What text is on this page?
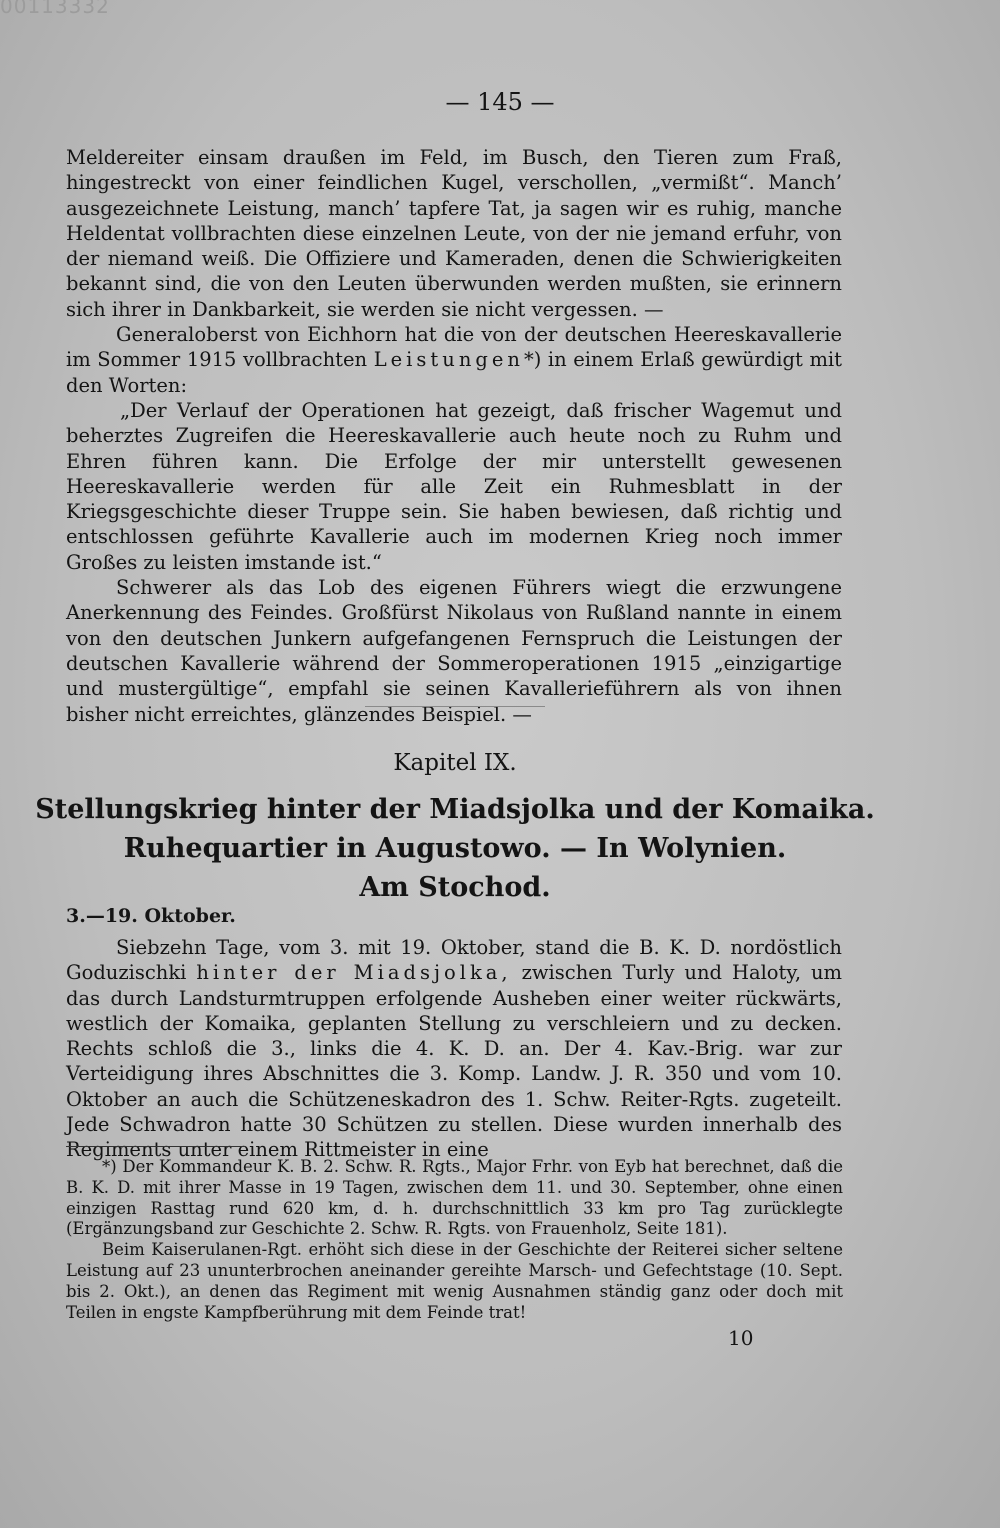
00113332
— 145 —

Meldereiter einsam draußen im Feld, im Busch, den Tieren zum Fraß, hingestreckt von einer feindlichen Kugel, verschollen, „vermißt“. Manch’ ausgezeichnete Leistung, manch’ tapfere Tat, ja sagen wir es ruhig, manche Heldentat vollbrachten diese einzelnen Leute, von der nie jemand erfuhr, von der niemand weiß. Die Offiziere und Kameraden, denen die Schwierigkeiten bekannt sind, die von den Leuten überwunden werden mußten, sie erinnern sich ihrer in Dankbarkeit, sie werden sie nicht vergessen. —

Generaloberst von Eichhorn hat die von der deutschen Heereskavallerie im Sommer 1915 vollbrachten Leistungen*) in einem Erlaß gewürdigt mit den Worten:

„Der Verlauf der Operationen hat gezeigt, daß frischer Wagemut und beherztes Zugreifen die Heereskavallerie auch heute noch zu Ruhm und Ehren führen kann. Die Erfolge der mir unterstellt gewesenen Heereskavallerie werden für alle Zeit ein Ruhmesblatt in der Kriegsgeschichte dieser Truppe sein. Sie haben bewiesen, daß richtig und entschlossen geführte Kavallerie auch im modernen Krieg noch immer Großes zu leisten imstande ist.“

Schwerer als das Lob des eigenen Führers wiegt die erzwungene Anerkennung des Feindes. Großfürst Nikolaus von Rußland nannte in einem von den deutschen Junkern aufgefangenen Fernspruch die Leistungen der deutschen Kavallerie während der Sommeroperationen 1915 „einzigartige und mustergültige“, empfahl sie seinen Kavallerieführern als von ihnen bisher nicht erreichtes, glänzendes Beispiel. —

Kapitel IX.
Stellungskrieg hinter der Miadsjolka und der Komaika.
Ruhequartier in Augustowo. — In Wolynien.
Am Stochod.
3.—19. Oktober.

Siebzehn Tage, vom 3. mit 19. Oktober, stand die B. K. D. nordöstlich Goduzischki hinter der Miadsjolka, zwischen Turly und Haloty, um das durch Landsturmtruppen erfolgende Ausheben einer weiter rückwärts, westlich der Komaika, geplanten Stellung zu verschleiern und zu decken. Rechts schloß die 3., links die 4. K. D. an. Der 4. Kav.-Brig. war zur Verteidigung ihres Abschnittes die 3. Komp. Landw. J. R. 350 und vom 10. Oktober an auch die Schützeneskadron des 1. Schw. Reiter-Rgts. zugeteilt. Jede Schwadron hatte 30 Schützen zu stellen. Diese wurden innerhalb des Regiments unter einem Rittmeister in eine

*) Der Kommandeur K. B. 2. Schw. R. Rgts., Major Frhr. von Eyb hat berechnet, daß die B. K. D. mit ihrer Masse in 19 Tagen, zwischen dem 11. und 30. September, ohne einen einzigen Rasttag rund 620 km, d. h. durchschnittlich 33 km pro Tag zurücklegte (Ergänzungsband zur Geschichte 2. Schw. R. Rgts. von Frauenholz, Seite 181).

Beim Kaiserulanen-Rgt. erhöht sich diese in der Geschichte der Reiterei sicher seltene Leistung auf 23 ununterbrochen aneinander gereihte Marsch- und Gefechtstage (10. Sept. bis 2. Okt.), an denen das Regiment mit wenig Ausnahmen ständig ganz oder doch mit Teilen in engste Kampfberührung mit dem Feinde trat!

10
